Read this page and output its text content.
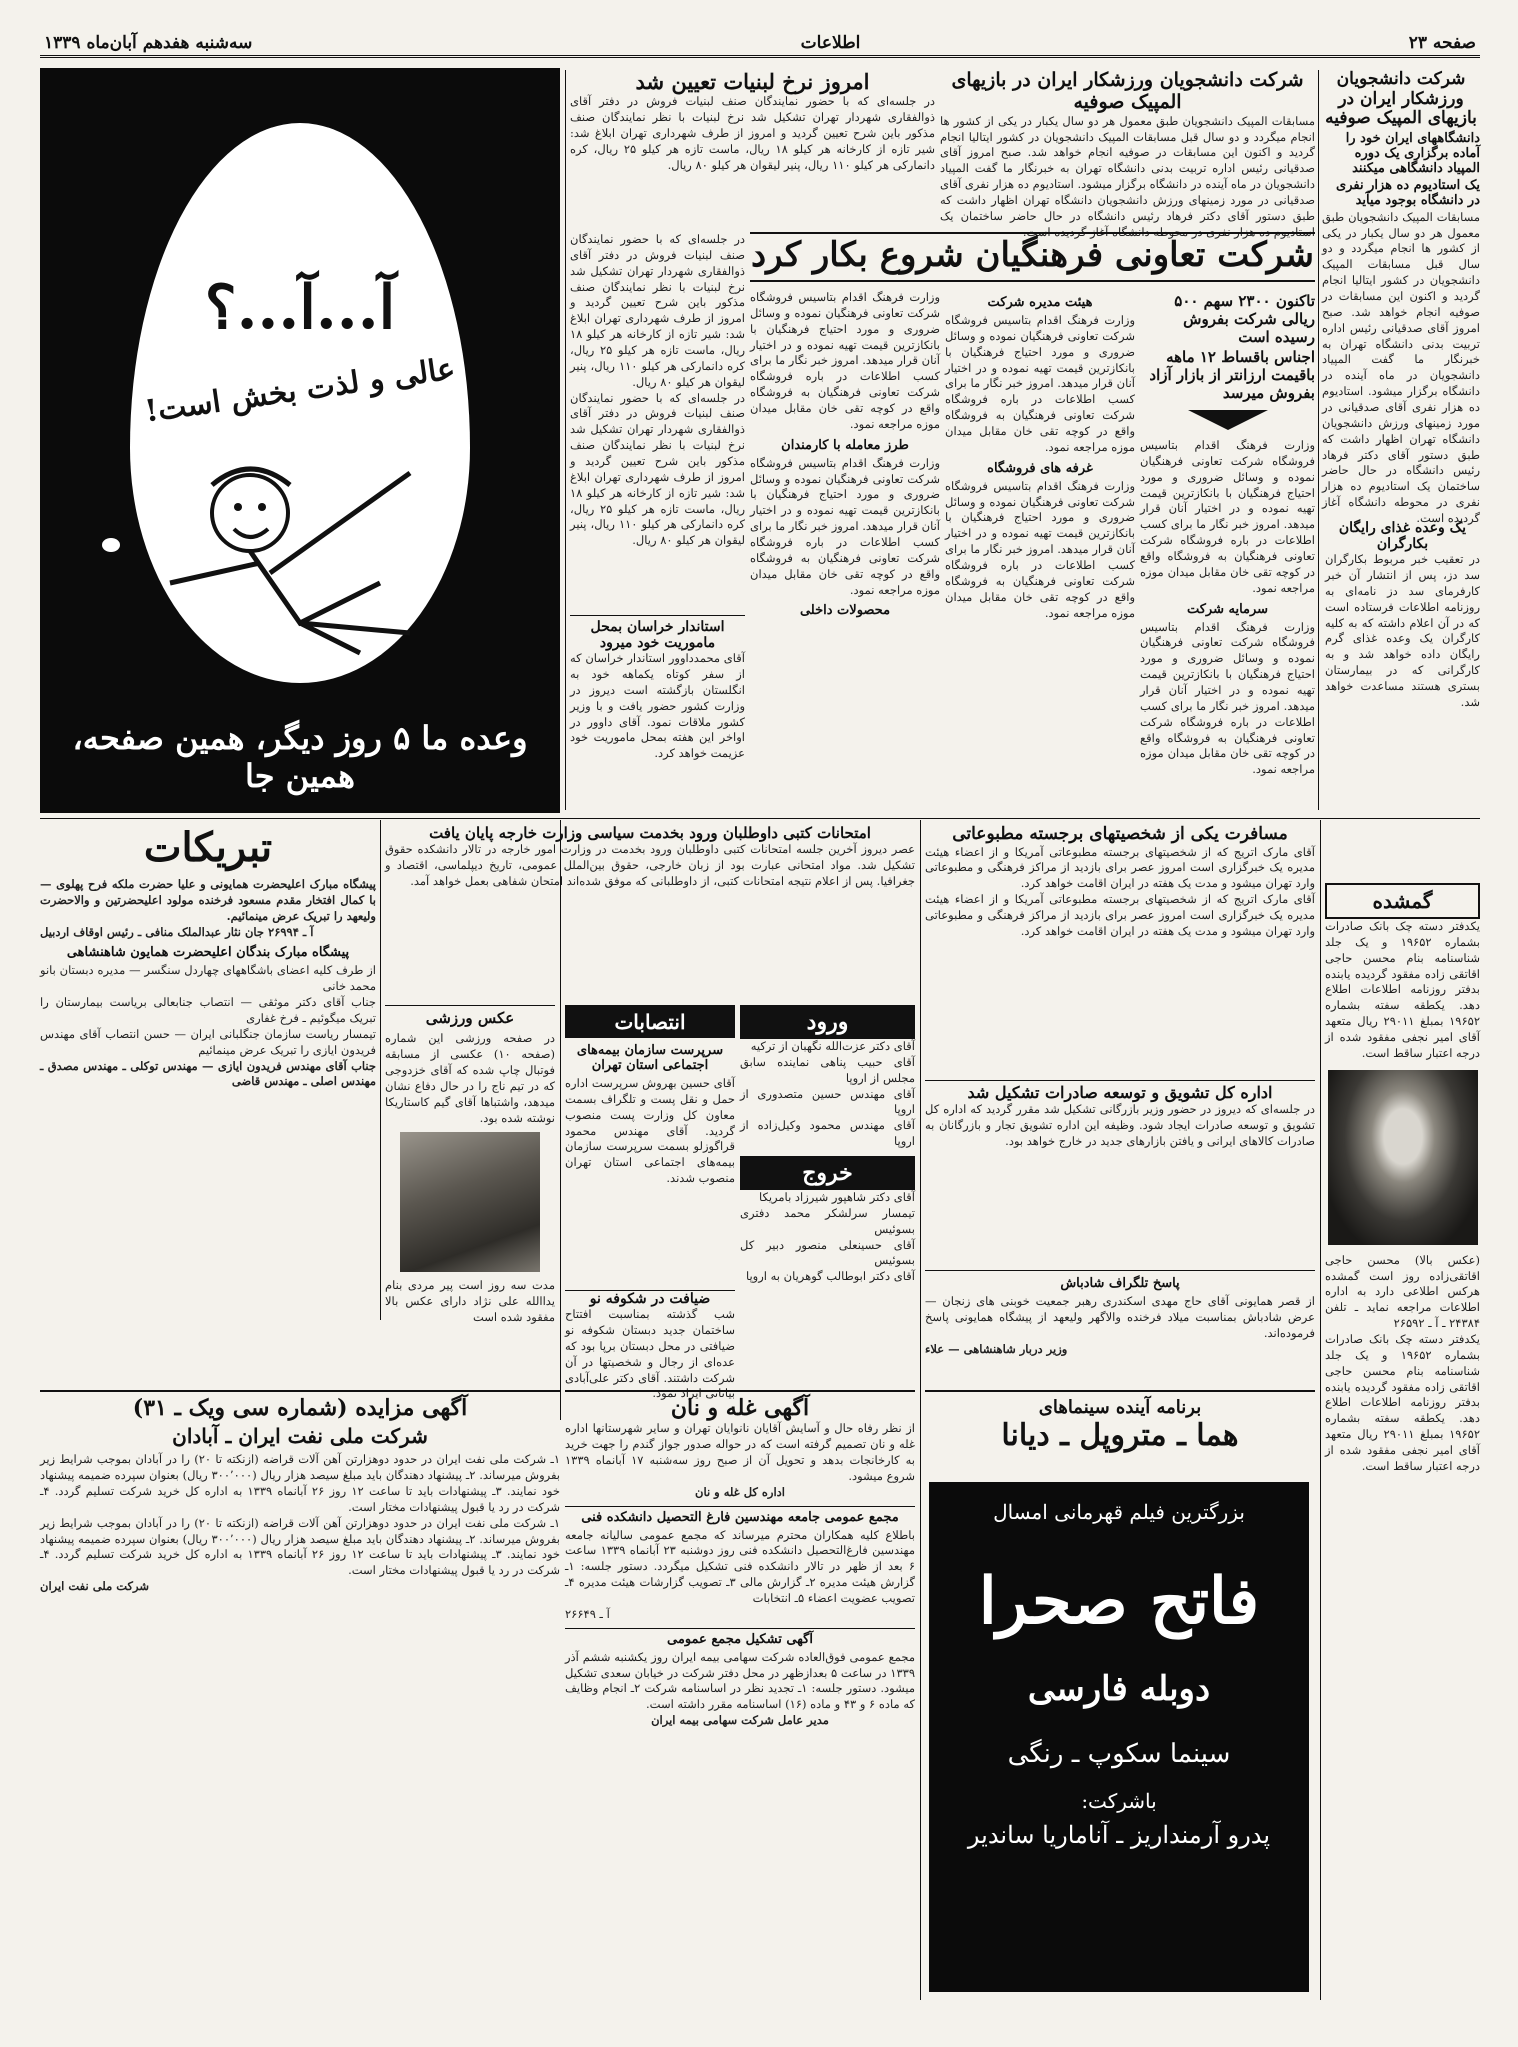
صفحه ۲۳
اطلاعات
سه‌شنبه هفدهم آبان‌ماه ۱۳۳۹
شرکت دانشجویان ورزشکار ایران در بازیهای المپیک صوفیه
دانشگاههای ایران خود را آماده برگزاری یک دوره المپیاد دانشگاهی میکنند
یک استادیوم ده هزار نفری در دانشگاه بوجود میآید
مسابقات المپیک دانشجویان طبق معمول هر دو سال یکبار در یکی از کشور ها انجام میگردد و دو سال قبل مسابقات المپیک دانشجویان در کشور ایتالیا انجام گردید و اکنون این مسابقات در صوفیه انجام خواهد شد. صبح امروز آقای صدقیانی رئیس اداره تربیت بدنی دانشگاه تهران به خبرنگار ما گفت المپیاد دانشجویان در ماه آینده در دانشگاه برگزار میشود. استادیوم ده هزار نفری آقای صدقیانی در مورد زمینهای ورزش دانشجویان دانشگاه تهران اظهار داشت که طبق دستور آقای دکتر فرهاد رئیس دانشگاه در حال حاضر ساختمان یک استادیوم ده هزار نفری در محوطه دانشگاه آغاز گردیده است.
شرکت دانشجویان ورزشکار ایران در بازیهای المپیک صوفیه
مسابقات المپیک دانشجویان طبق معمول هر دو سال یکبار در یکی از کشور ها انجام میگردد و دو سال قبل مسابقات المپیک دانشجویان در کشور ایتالیا انجام گردید و اکنون این مسابقات در صوفیه انجام خواهد شد. صبح امروز آقای صدقیانی رئیس اداره تربیت بدنی دانشگاه تهران به خبرنگار ما گفت المپیاد دانشجویان در ماه آینده در دانشگاه برگزار میشود. استادیوم ده هزار نفری آقای صدقیانی در مورد زمینهای ورزش دانشجویان دانشگاه تهران اظهار داشت که طبق دستور آقای دکتر فرهاد رئیس دانشگاه در حال حاضر ساختمان یک استادیوم ده هزار نفری در محوطه دانشگاه آغاز گردیده است.
شرکت تعاونی فرهنگیان شروع بکار کرد
تاکنون ۲۳۰۰ سهم ۵۰۰ ریالی شرکت بفروش رسیده است
اجناس باقساط ۱۲ ماهه باقیمت ارزانتر از بازار آزاد بفروش میرسد
وزارت فرهنگ اقدام بتاسیس فروشگاه شرکت تعاونی فرهنگیان نموده و وسائل ضروری و مورد احتیاج فرهنگیان با بانکازترین قیمت تهیه نموده و در اختیار آنان قرار میدهد. امروز خبر نگار ما برای کسب اطلاعات در باره فروشگاه شرکت تعاونی فرهنگیان به فروشگاه واقع در کوچه تقی خان مقابل میدان موزه مراجعه نمود.
سرمایه شرکت
وزارت فرهنگ اقدام بتاسیس فروشگاه شرکت تعاونی فرهنگیان نموده و وسائل ضروری و مورد احتیاج فرهنگیان با بانکازترین قیمت تهیه نموده و در اختیار آنان قرار میدهد. امروز خبر نگار ما برای کسب اطلاعات در باره فروشگاه شرکت تعاونی فرهنگیان به فروشگاه واقع در کوچه تقی خان مقابل میدان موزه مراجعه نمود.
هیئت مدیره شرکت
وزارت فرهنگ اقدام بتاسیس فروشگاه شرکت تعاونی فرهنگیان نموده و وسائل ضروری و مورد احتیاج فرهنگیان با بانکازترین قیمت تهیه نموده و در اختیار آنان قرار میدهد. امروز خبر نگار ما برای کسب اطلاعات در باره فروشگاه شرکت تعاونی فرهنگیان به فروشگاه واقع در کوچه تقی خان مقابل میدان موزه مراجعه نمود.
غرفه های فروشگاه
وزارت فرهنگ اقدام بتاسیس فروشگاه شرکت تعاونی فرهنگیان نموده و وسائل ضروری و مورد احتیاج فرهنگیان با بانکازترین قیمت تهیه نموده و در اختیار آنان قرار میدهد. امروز خبر نگار ما برای کسب اطلاعات در باره فروشگاه شرکت تعاونی فرهنگیان به فروشگاه واقع در کوچه تقی خان مقابل میدان موزه مراجعه نمود.
وزارت فرهنگ اقدام بتاسیس فروشگاه شرکت تعاونی فرهنگیان نموده و وسائل ضروری و مورد احتیاج فرهنگیان با بانکازترین قیمت تهیه نموده و در اختیار آنان قرار میدهد. امروز خبر نگار ما برای کسب اطلاعات در باره فروشگاه شرکت تعاونی فرهنگیان به فروشگاه واقع در کوچه تقی خان مقابل میدان موزه مراجعه نمود.
طرز معامله با کارمندان
وزارت فرهنگ اقدام بتاسیس فروشگاه شرکت تعاونی فرهنگیان نموده و وسائل ضروری و مورد احتیاج فرهنگیان با بانکازترین قیمت تهیه نموده و در اختیار آنان قرار میدهد. امروز خبر نگار ما برای کسب اطلاعات در باره فروشگاه شرکت تعاونی فرهنگیان به فروشگاه واقع در کوچه تقی خان مقابل میدان موزه مراجعه نمود.
محصولات داخلی
امروز نرخ لبنیات تعیین شد
در جلسه‌ای که با حضور نمایندگان صنف لبنیات فروش در دفتر آقای ذوالفقاری شهردار تهران تشکیل شد نرخ لبنیات با نظر نمایندگان صنف مذکور باین شرح تعیین گردید و امروز از طرف شهرداری تهران ابلاغ شد: شیر تازه از کارخانه هر کیلو ۱۸ ریال، ماست تازه هر کیلو ۲۵ ریال، کره دانمارکی هر کیلو ۱۱۰ ریال، پنیر لیقوان هر کیلو ۸۰ ریال.
در جلسه‌ای که با حضور نمایندگان صنف لبنیات فروش در دفتر آقای ذوالفقاری شهردار تهران تشکیل شد نرخ لبنیات با نظر نمایندگان صنف مذکور باین شرح تعیین گردید و امروز از طرف شهرداری تهران ابلاغ شد: شیر تازه از کارخانه هر کیلو ۱۸ ریال، ماست تازه هر کیلو ۲۵ ریال، کره دانمارکی هر کیلو ۱۱۰ ریال، پنیر لیقوان هر کیلو ۸۰ ریال.
در جلسه‌ای که با حضور نمایندگان صنف لبنیات فروش در دفتر آقای ذوالفقاری شهردار تهران تشکیل شد نرخ لبنیات با نظر نمایندگان صنف مذکور باین شرح تعیین گردید و امروز از طرف شهرداری تهران ابلاغ شد: شیر تازه از کارخانه هر کیلو ۱۸ ریال، ماست تازه هر کیلو ۲۵ ریال، کره دانمارکی هر کیلو ۱۱۰ ریال، پنیر لیقوان هر کیلو ۸۰ ریال.
استاندار خراسان بمحل ماموریت خود میرود
آقای محمدداوور استاندار خراسان که از سفر کوتاه یکماهه خود به انگلستان بازگشته است دیروز در وزارت کشور حضور یافت و با وزیر کشور ملاقات نمود. آقای داوور در اواخر این هفته بمحل ماموریت خود عزیمت خواهد کرد.
آ...آ...؟
عالی و لذت بخش است!
وعده ما ۵ روز دیگر، همین صفحه، همین جا
یک وعده غذای رایگان بکارگران
در تعقیب خبر مربوط بکارگران سد دز، پس از انتشار آن خبر کارفرمای سد دز نامه‌ای به روزنامه اطلاعات فرستاده است که در آن اعلام داشته که به کلیه کارگران یک وعده غذای گرم رایگان داده خواهد شد و به کارگرانی که در بیمارستان بستری هستند مساعدت خواهد شد.
تبریکات
پیشگاه مبارک اعلیحضرت همایونی و علیا حضرت ملکه فرح پهلوی — با کمال افتخار مقدم مسعود فرخنده مولود اعلیحضرتین و والاحضرت ولیعهد را تبریک عرض مینمائیم.
آ ـ ۲۶۹۹۴ جان نثار عبدالملک منافی ـ رئیس اوقاف اردبیل
پیشگاه مبارک بندگان اعلیحضرت همایون شاهنشاهی
از طرف کلیه اعضای باشگاههای چهاردل سنگسر — مدیره دبستان بانو محمد خانی
جناب آقای دکتر موثقی — انتصاب جنابعالی بریاست بیمارستان را تبریک میگوئیم ـ فرخ غفاری
تیمسار ریاست سازمان جنگلبانی ایران — حسن انتصاب آقای مهندس فریدون ایازی را تبریک عرض مینمائیم
جناب آقای مهندس فریدون ایازی — مهندس توکلی ـ مهندس مصدق ـ مهندس اصلی ـ مهندس قاضی
امتحانات کتبی داوطلبان ورود بخدمت سیاسی وزارت خارجه پایان یافت
عصر دیروز آخرین جلسه امتحانات کتبی داوطلبان ورود بخدمت در وزارت امور خارجه در تالار دانشکده حقوق تشکیل شد. مواد امتحانی عبارت بود از زبان خارجی، حقوق بین‌الملل عمومی، تاریخ دیپلماسی، اقتصاد و جغرافیا. پس از اعلام نتیجه امتحانات کتبی، از داوطلبانی که موفق شده‌اند امتحان شفاهی بعمل خواهد آمد.
عکس ورزشی
در صفحه ورزشی این شماره (صفحه ۱۰) عکسی از مسابقه فوتبال چاپ شده که آقای خزدوجی که در تیم ناج را در حال دفاع نشان میدهد، واشتباها آقای گیم کاستاریکا نوشته شده بود.
مدت سه روز است پیر مردی بنام یداالله علی نژاد دارای عکس بالا مفقود شده است
انتصابات
سرپرست سازمان بیمه‌های اجتماعی استان تهران
آقای حسین بهروش سرپرست اداره حمل و نقل پست و تلگراف بسمت معاون کل وزارت پست منصوب گردید. آقای مهندس محمود قراگوزلو بسمت سرپرست سازمان بیمه‌های اجتماعی استان تهران منصوب شدند.
ضیافت در شکوفه نو
شب گذشته بمناسبت افتتاح ساختمان جدید دبستان شکوفه نو ضیافتی در محل دبستان برپا بود که عده‌ای از رجال و شخصیتها در آن شرکت داشتند. آقای دکتر علی‌آبادی بیاناتی ایراد نمود.
ورود
آقای دکتر عزت‌الله نگهبان از ترکیه
آقای حبیب پناهی نماینده سابق مجلس از اروپا
آقای مهندس حسین متصدوری از اروپا
آقای مهندس محمود وکیل‌زاده از اروپا
خروج
آقای دکتر شاهپور شیرزاد بامریکا
تیمسار سرلشکر محمد دفتری بسوئیس
آقای حسینعلی منصور دبیر کل بسوئیس
آقای دکتر ابوطالب گوهریان به اروپا
مسافرت یکی از شخصیتهای برجسته مطبوعاتی
آقای مارک اتریج که از شخصیتهای برجسته مطبوعاتی آمریکا و از اعضاء هیئت مدیره یک خبرگزاری است امروز عصر برای بازدید از مراکز فرهنگی و مطبوعاتی وارد تهران میشود و مدت یک هفته در ایران اقامت خواهد کرد.
آقای مارک اتریج که از شخصیتهای برجسته مطبوعاتی آمریکا و از اعضاء هیئت مدیره یک خبرگزاری است امروز عصر برای بازدید از مراکز فرهنگی و مطبوعاتی وارد تهران میشود و مدت یک هفته در ایران اقامت خواهد کرد.
اداره کل تشویق و توسعه صادرات تشکیل شد
در جلسه‌ای که دیروز در حضور وزیر بازرگانی تشکیل شد مقرر گردید که اداره کل تشویق و توسعه صادرات ایجاد شود. وظیفه این اداره تشویق تجار و بازرگانان به صادرات کالاهای ایرانی و یافتن بازارهای جدید در خارج خواهد بود.
پاسخ تلگراف شادباش
از قصر همایونی آقای حاج مهدی اسکندری رهبر جمعیت خوبنی های زنجان — عرض شادباش بمناسبت میلاد فرخنده والاگهر ولیعهد از پیشگاه همایونی پاسخ فرموده‌اند.
وزیر دربار شاهنشاهی — علاء
گمشده
یکدفتر دسته چک بانک صادرات بشماره ۱۹۶۵۲ و یک جلد شناسنامه بنام محسن حاجی اقاتقی زاده مفقود گردیده یابنده بدفتر روزنامه اطلاعات اطلاع دهد. یکطقه سفته بشماره ۱۹۶۵۲ بمبلغ ۲۹۰۱۱ ریال متعهد آقای امیر نجفی مفقود شده از درجه اعتبار ساقط است.
(عکس بالا) محسن حاجی اقاتقی‌زاده روز است گمشده هرکس اطلاعی دارد به اداره اطلاعات مراجعه نماید ـ تلفن ۲۴۳۸۴ ـ آ ـ ۲۶۵۹۲
یکدفتر دسته چک بانک صادرات بشماره ۱۹۶۵۲ و یک جلد شناسنامه بنام محسن حاجی اقاتقی زاده مفقود گردیده یابنده بدفتر روزنامه اطلاعات اطلاع دهد. یکطقه سفته بشماره ۱۹۶۵۲ بمبلغ ۲۹۰۱۱ ریال متعهد آقای امیر نجفی مفقود شده از درجه اعتبار ساقط است.
آگهی مزایده (شماره سی ویک ـ ۳۱)
شرکت ملی نفت ایران ـ آبادان
۱ـ شرکت ملی نفت ایران در حدود دوهزارتن آهن آلات قراضه (ازنکته تا ۲۰) را در آبادان بموجب شرایط زیر بفروش میرساند. ۲ـ پیشنهاد دهندگان باید مبلغ سیصد هزار ریال (۳۰۰٬۰۰۰ ریال) بعنوان سپرده ضمیمه پیشنهاد خود نمایند. ۳ـ پیشنهادات باید تا ساعت ۱۲ روز ۲۶ آبانماه ۱۳۳۹ به اداره کل خرید شرکت تسلیم گردد. ۴ـ شرکت در رد یا قبول پیشنهادات مختار است.
۱ـ شرکت ملی نفت ایران در حدود دوهزارتن آهن آلات قراضه (ازنکته تا ۲۰) را در آبادان بموجب شرایط زیر بفروش میرساند. ۲ـ پیشنهاد دهندگان باید مبلغ سیصد هزار ریال (۳۰۰٬۰۰۰ ریال) بعنوان سپرده ضمیمه پیشنهاد خود نمایند. ۳ـ پیشنهادات باید تا ساعت ۱۲ روز ۲۶ آبانماه ۱۳۳۹ به اداره کل خرید شرکت تسلیم گردد. ۴ـ شرکت در رد یا قبول پیشنهادات مختار است.
شرکت ملی نفت ایران
آگهی غله و نان
از نظر رفاه حال و آسایش آقایان نانوایان تهران و سایر شهرستانها اداره غله و نان تصمیم گرفته است که در حواله صدور جواز گندم را جهت خرید به کارخانجات بدهد و تحویل آن از صبح روز سه‌شنبه ۱۷ آبانماه ۱۳۳۹ شروع میشود.
اداره کل غله و نان
مجمع عمومی جامعه مهندسین فارغ التحصیل دانشکده فنی
باطلاع کلیه همکاران محترم میرساند که مجمع عمومی سالیانه جامعه مهندسین فارغ‌التحصیل دانشکده فنی روز دوشنبه ۲۳ آبانماه ۱۳۳۹ ساعت ۶ بعد از ظهر در تالار دانشکده فنی تشکیل میگردد. دستور جلسه: ۱ـ گزارش هیئت مدیره ۲ـ گزارش مالی ۳ـ تصویب گزارشات هیئت مدیره ۴ـ تصویب عضویت اعضاء ۵ـ انتخابات
آ ـ ۲۶۶۴۹
آگهی تشکیل مجمع عمومی
مجمع عمومی فوق‌العاده شرکت سهامی بیمه ایران روز یکشنبه ششم آذر ۱۳۳۹ در ساعت ۵ بعدازظهر در محل دفتر شرکت در خیابان سعدی تشکیل میشود. دستور جلسه: ۱ـ تجدید نظر در اساسنامه شرکت ۲ـ انجام وظایف که ماده ۶ و ۴۳ و ماده (۱۶) اساسنامه مقرر داشته است.
مدیر عامل شرکت سهامی بیمه ایران
برنامه آینده سینماهای
هما ـ متروپل ـ دیانا
بزرگترین فیلم قهرمانی امسال
فاتح صحرا
دوبله فارسی
سینما سکوپ ـ رنگی
باشرکت:
پدرو آرمنداریز ـ آناماریا ساندیر
